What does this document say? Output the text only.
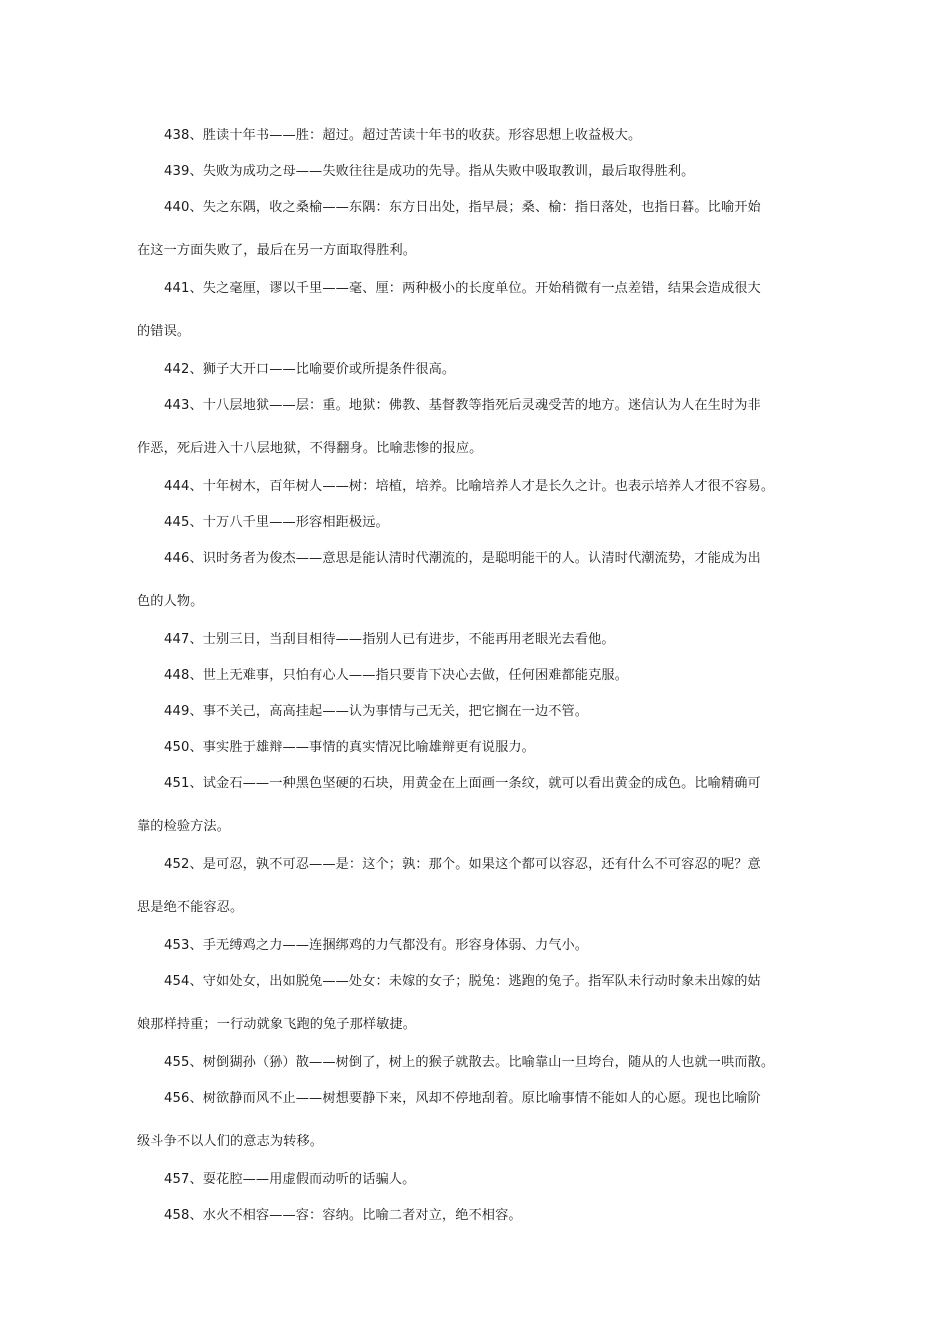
438、胜读十年书——胜：超过。超过苦读十年书的收获。形容思想上收益极大。
439、失败为成功之母——失败往往是成功的先导。指从失败中吸取教训，最后取得胜利。
440、失之东隅，收之桑榆——东隅：东方日出处，指早晨；桑、榆：指日落处，也指日暮。比喻开始
在这一方面失败了，最后在另一方面取得胜利。
441、失之毫厘，谬以千里——毫、厘：两种极小的长度单位。开始稍微有一点差错，结果会造成很大
的错误。
442、狮子大开口——比喻要价或所提条件很高。
443、十八层地狱——层：重。地狱：佛教、基督教等指死后灵魂受苦的地方。迷信认为人在生时为非
作恶，死后进入十八层地狱，不得翻身。比喻悲惨的报应。
444、十年树木，百年树人——树：培植，培养。比喻培养人才是长久之计。也表示培养人才很不容易。
445、十万八千里——形容相距极远。
446、识时务者为俊杰——意思是能认清时代潮流的，是聪明能干的人。认清时代潮流势，才能成为出
色的人物。
447、士别三日，当刮目相待——指别人已有进步，不能再用老眼光去看他。
448、世上无难事，只怕有心人——指只要肯下决心去做，任何困难都能克服。
449、事不关己，高高挂起——认为事情与己无关，把它搁在一边不管。
450、事实胜于雄辩——事情的真实情况比喻雄辩更有说服力。
451、试金石——一种黑色坚硬的石块，用黄金在上面画一条纹，就可以看出黄金的成色。比喻精确可
靠的检验方法。
452、是可忍，孰不可忍——是：这个；孰：那个。如果这个都可以容忍，还有什么不可容忍的呢？意
思是绝不能容忍。
453、手无缚鸡之力——连捆绑鸡的力气都没有。形容身体弱、力气小。
454、守如处女，出如脱兔——处女：未嫁的女子；脱兔：逃跑的兔子。指军队未行动时象未出嫁的姑
娘那样持重；一行动就象飞跑的兔子那样敏捷。
455、树倒猢孙（狲）散——树倒了，树上的猴子就散去。比喻靠山一旦垮台，随从的人也就一哄而散。
456、树欲静而风不止——树想要静下来，风却不停地刮着。原比喻事情不能如人的心愿。现也比喻阶
级斗争不以人们的意志为转移。
457、耍花腔——用虚假而动听的话骗人。
458、水火不相容——容：容纳。比喻二者对立，绝不相容。
